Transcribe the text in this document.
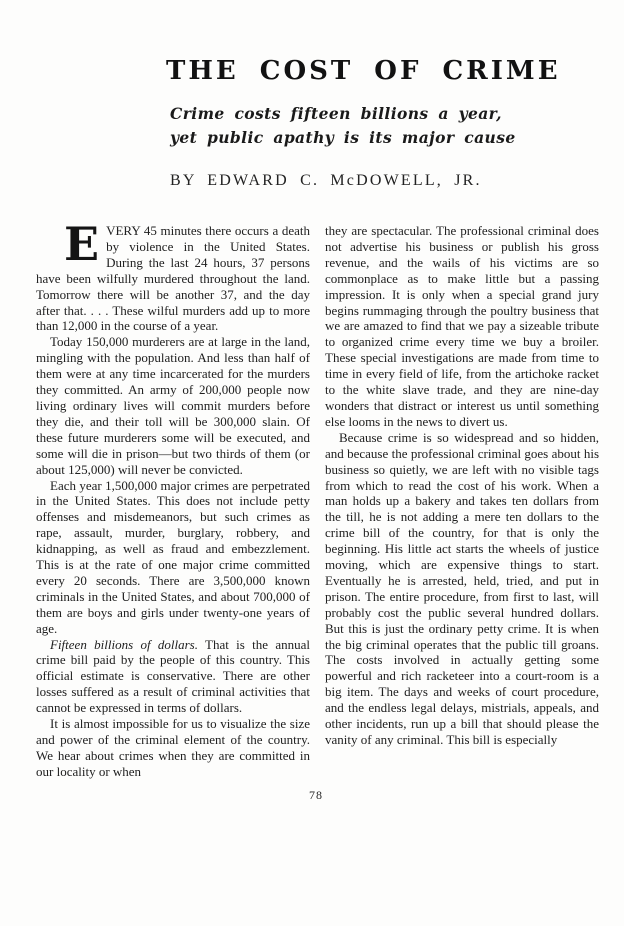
THE COST OF CRIME

Crime costs fifteen billions a year,

yet public apathy is its major cause

BY EDWARD C. McDOWELL, JR.

EVERY 45 minutes there occurs a death by violence in the United States. During the last 24 hours, 37 persons have been wilfully murdered throughout the land. Tomorrow there will be another 37, and the day after that. . . . These wilful murders add up to more than 12,000 in the course of a year.

Today 150,000 murderers are at large in the land, mingling with the population. And less than half of them were at any time incarcerated for the murders they committed. An army of 200,000 people now living ordinary lives will commit murders before they die, and their toll will be 300,000 slain. Of these future murderers some will be executed, and some will die in prison—but two thirds of them (or about 125,000) will never be convicted.

Each year 1,500,000 major crimes are perpetrated in the United States. This does not include petty offenses and misdemeanors, but such crimes as rape, assault, murder, burglary, robbery, and kidnapping, as well as fraud and embezzlement. This is at the rate of one major crime committed every 20 seconds. There are 3,500,000 known criminals in the United States, and about 700,000 of them are boys and girls under twenty-one years of age.

Fifteen billions of dollars. That is the annual crime bill paid by the people of this country. This official estimate is conservative. There are other losses suffered as a result of criminal activities that cannot be expressed in terms of dollars.

It is almost impossible for us to visualize the size and power of the criminal element of the country. We hear about crimes when they are committed in our locality or when

they are spectacular. The professional criminal does not advertise his business or publish his gross revenue, and the wails of his victims are so commonplace as to make little but a passing impression. It is only when a special grand jury begins rummaging through the poultry business that we are amazed to find that we pay a sizeable tribute to organized crime every time we buy a broiler. These special investigations are made from time to time in every field of life, from the artichoke racket to the white slave trade, and they are nine-day wonders that distract or interest us until something else looms in the news to divert us.

Because crime is so widespread and so hidden, and because the professional criminal goes about his business so quietly, we are left with no visible tags from which to read the cost of his work. When a man holds up a bakery and takes ten dollars from the till, he is not adding a mere ten dollars to the crime bill of the country, for that is only the beginning. His little act starts the wheels of justice moving, which are expensive things to start. Eventually he is arrested, held, tried, and put in prison. The entire procedure, from first to last, will probably cost the public several hundred dollars. But this is just the ordinary petty crime. It is when the big criminal operates that the public till groans. The costs involved in actually getting some powerful and rich racketeer into a court-room is a big item. The days and weeks of court procedure, and the endless legal delays, mistrials, appeals, and other incidents, run up a bill that should please the vanity of any criminal. This bill is especially

78
